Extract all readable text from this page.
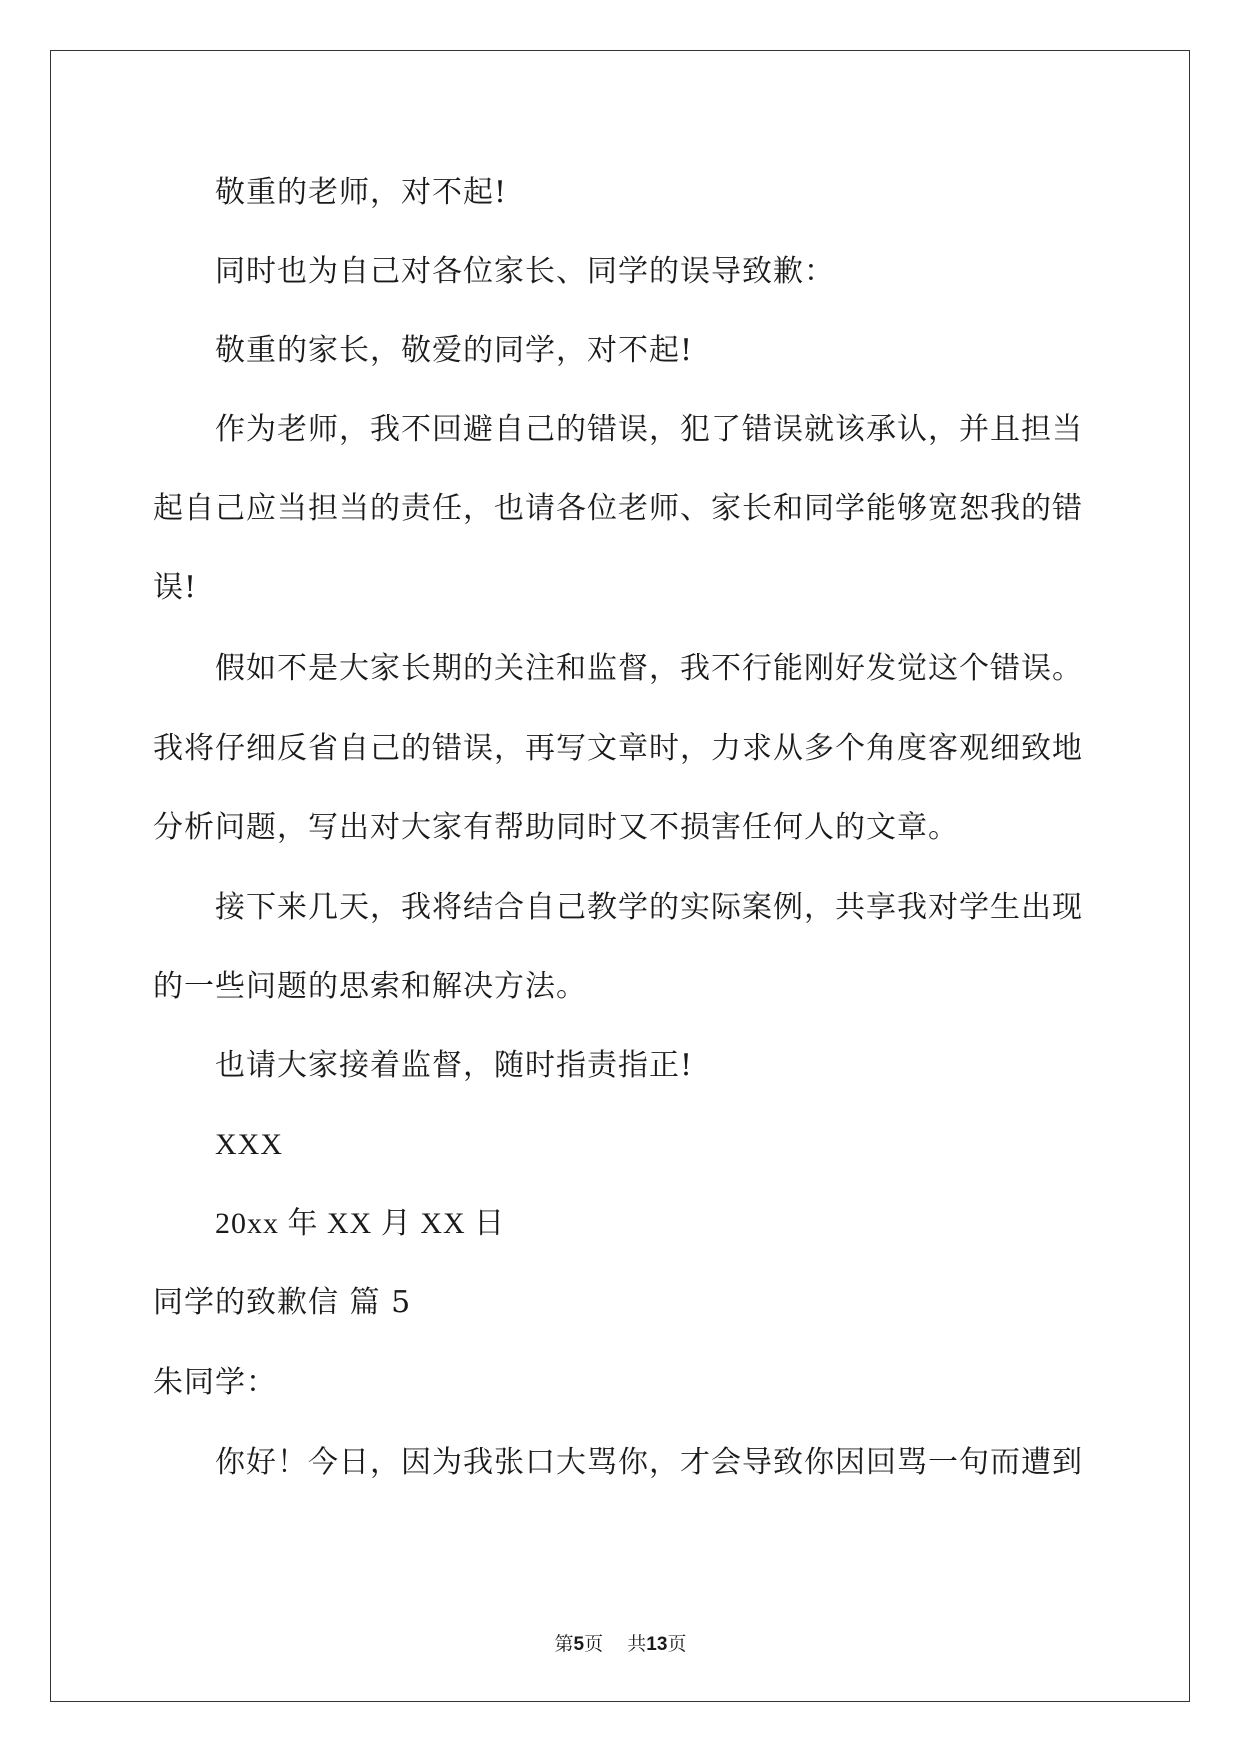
敬重的老师，对不起!
同时也为自己对各位家长、同学的误导致歉：
敬重的家长，敬爱的同学，对不起!
作为老师，我不回避自己的错误，犯了错误就该承认，并且担当
起自己应当担当的责任，也请各位老师、家长和同学能够宽恕我的错
误!
假如不是大家长期的关注和监督，我不行能刚好发觉这个错误。
我将仔细反省自己的错误，再写文章时，力求从多个角度客观细致地
分析问题，写出对大家有帮助同时又不损害任何人的文章。
接下来几天，我将结合自己教学的实际案例，共享我对学生出现
的一些问题的思索和解决方法。
也请大家接着监督，随时指责指正!
XXX
20xx 年 XX 月 XX 日
同学的致歉信 篇 5
朱同学：
你好！今日，因为我张口大骂你，才会导致你因回骂一句而遭到
第5页    共13页
